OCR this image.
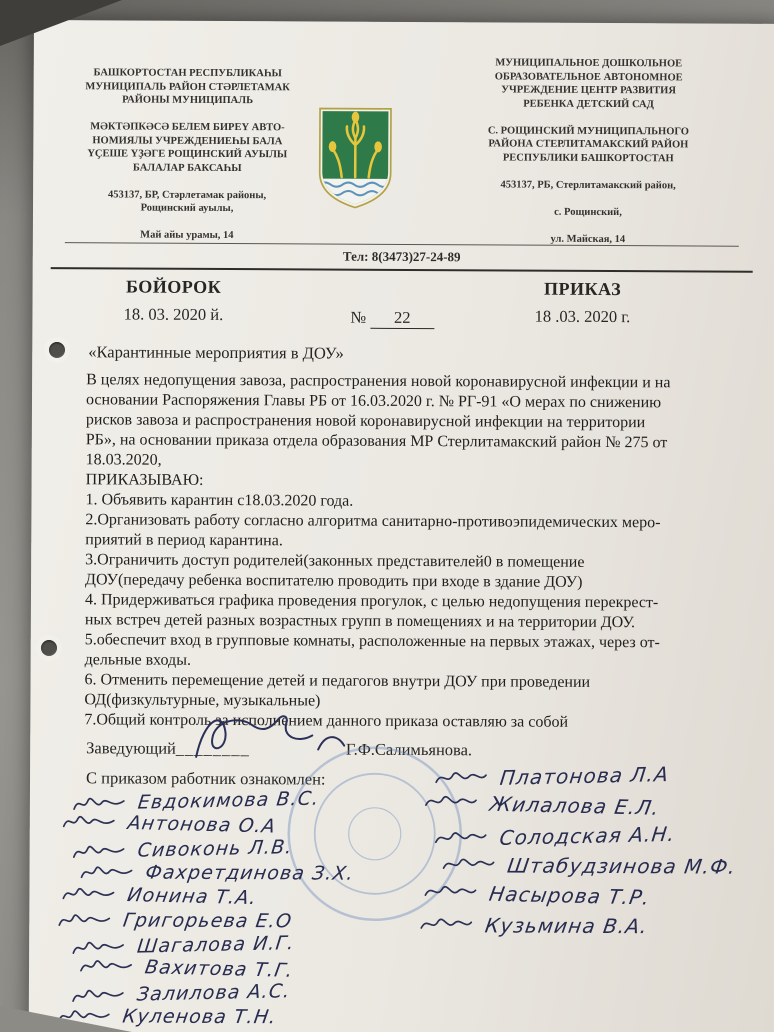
БАШКОРТОСТАН РЕСПУБЛИКАҺЫ
МУНИЦИПАЛЬ РАЙОН СТӘРЛЕТАМАК
РАЙОНЫ МУНИЦИПАЛЬ
МӘКТӘПКӘСӘ БЕЛЕМ БИРЕҮ АВТО-
НОМИЯЛЫ УЧРЕЖДЕНИЕҺЫ БАЛА
ҮҪЕШЕ ҮҘӘГЕ РОЩИНСКИЙ АУЫЛЫ
БАЛАЛАР БАКСАҺЫ
453137, БР, Стәрлетамак районы,
Рощинский ауылы,
Май айы урамы, 14
МУНИЦИПАЛЬНОЕ ДОШКОЛЬНОЕ
ОБРАЗОВАТЕЛЬНОЕ АВТОНОМНОЕ
УЧРЕЖДЕНИЕ ЦЕНТР РАЗВИТИЯ
РЕБЕНКА ДЕТСКИЙ САД
С. РОЩИНСКИЙ МУНИЦИПАЛЬНОГО
РАЙОНА СТЕРЛИТАМАКСКИЙ РАЙОН
РЕСПУБЛИКИ БАШКОРТОСТАН
453137, РБ, Стерлитамакский район,
с. Рощинский,
ул. Майская, 14
Тел: 8(3473)27-24-89
БОЙОРОК
18. 03. 2020 й.	№ 22
ПРИКАЗ
18 .03. 2020 г.
«Карантинные мероприятия в ДОУ»
В целях недопущения завоза, распространения новой коронавирусной инфекции и на
основании Распоряжения Главы РБ от 16.03.2020 г. № РГ-91 «О мерах по снижению
рисков завоза и распространения новой коронавирусной инфекции на территории
РБ», на основании приказа отдела образования МР Стерлитамакский район № 275 от
18.03.2020,
ПРИКАЗЫВАЮ:
1. Объявить карантин с18.03.2020 года.
2.Организовать работу согласно алгоритма санитарно-противоэпидемических меро-
приятий в период карантина.
3.Ограничить доступ родителей(законных представителей0 в помещение
ДОУ(передачу ребенка воспитателю проводить при входе в здание ДОУ)
4. Придерживаться графика проведения прогулок, с целью недопущения перекрест-
ных встреч детей разных возрастных групп в помещениях и на территории ДОУ.
5.обеспечит вход в групповые комнаты, расположенные на первых этажах, через от-
дельные входы.
6. Отменить перемещение детей и педагогов внутри ДОУ при проведении
ОД(физкультурные, музыкальные)
7.Общий контроль за исполнением данного приказа оставляю за собой
Заведующий________	Г.Ф.Салимьянова.
С приказом работник ознакомлен:
Евдокимова В.С.
Антонова О.А
Сивоконь Л.В.
Фахретдинова З.Х.
Ионина Т.А.
Григорьева Е.О
Шагалова И.Г.
Вахитова Т.Г.
Залилова А.С.
Куленова Т.Н.
Платонова Л.А
Жилалова Е.Л.
Солодская А.Н.
Штабудзинова М.Ф.
Насырова Т.Р.
Кузьмина В.А.
